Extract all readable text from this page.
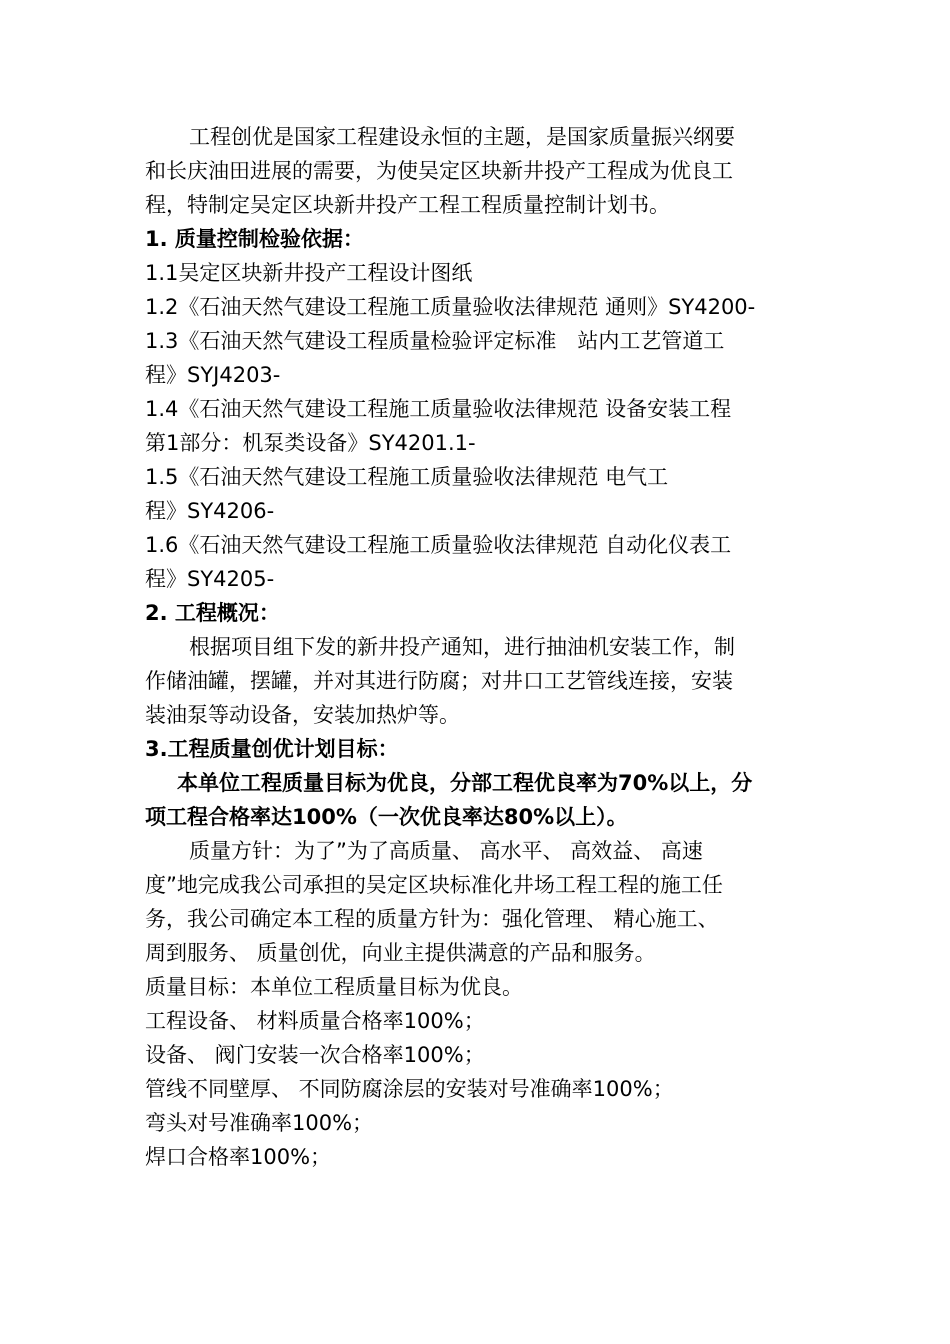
工程创优是国家工程建设永恒的主题，是国家质量振兴纲要
和长庆油田进展的需要，为使吴定区块新井投产工程成为优良工
程，特制定吴定区块新井投产工程工程质量控制计划书。
1. 质量控制检验依据：
1.1吴定区块新井投产工程设计图纸
1.2《石油天然气建设工程施工质量验收法律规范 通则》SY4200-
1.3《石油天然气建设工程质量检验评定标准　站内工艺管道工
程》SYJ4203-
1.4《石油天然气建设工程施工质量验收法律规范 设备安装工程
第1部分：机泵类设备》SY4201.1-
1.5《石油天然气建设工程施工质量验收法律规范 电气工
程》SY4206-
1.6《石油天然气建设工程施工质量验收法律规范 自动化仪表工
程》SY4205-
2. 工程概况：
根据项目组下发的新井投产通知，进行抽油机安装工作，制
作储油罐，摆罐，并对其进行防腐；对井口工艺管线连接，安装
装油泵等动设备，安装加热炉等。
3.工程质量创优计划目标：
本单位工程质量目标为优良，分部工程优良率为70%以上，分
项工程合格率达100%（一次优良率达80%以上）。
质量方针：为了”为了高质量、 高水平、 高效益、 高速
度”地完成我公司承担的吴定区块标准化井场工程工程的施工任
务，我公司确定本工程的质量方针为：强化管理、 精心施工、
周到服务、 质量创优，向业主提供满意的产品和服务。
质量目标：本单位工程质量目标为优良。
工程设备、 材料质量合格率100%；
设备、 阀门安装一次合格率100%；
管线不同壁厚、 不同防腐涂层的安装对号准确率100%；
弯头对号准确率100%；
焊口合格率100%；
